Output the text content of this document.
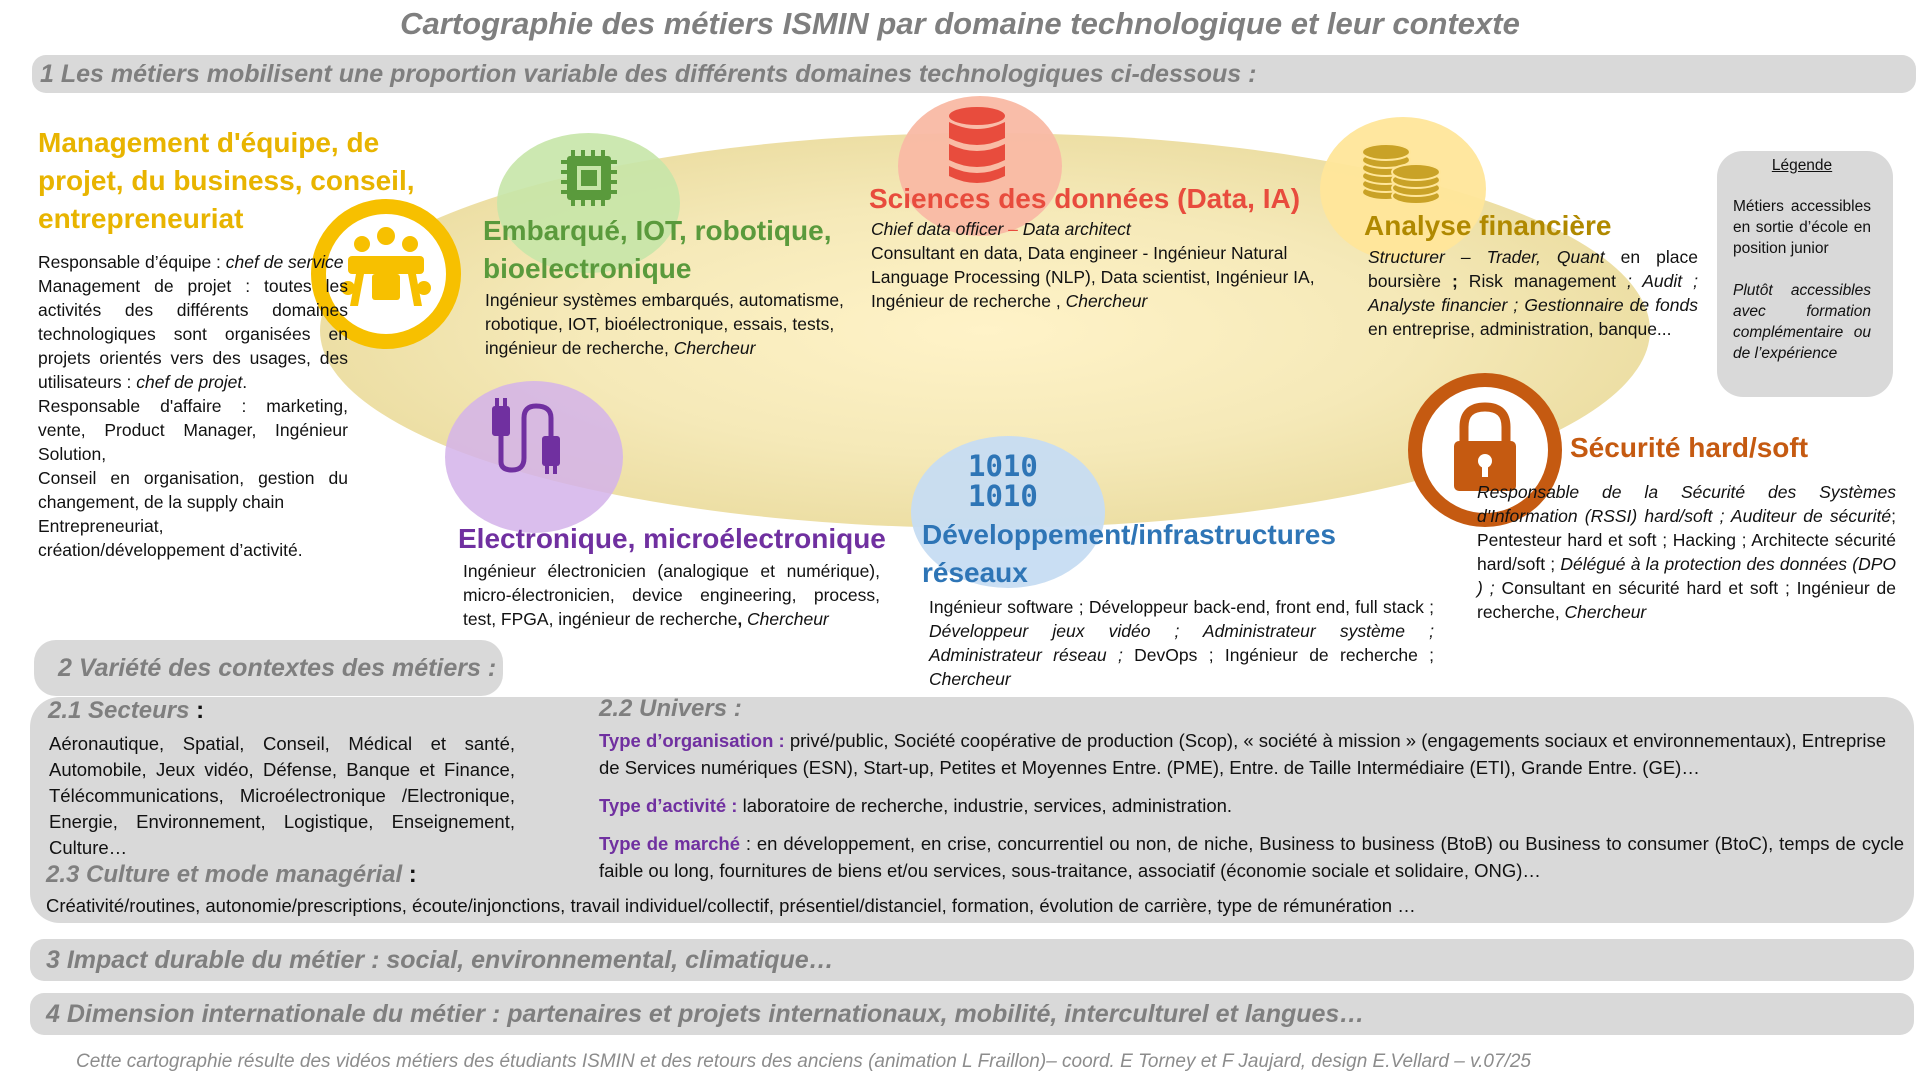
Cartographie des métiers ISMIN par domaine technologique et leur contexte
1 Les métiers mobilisent une proportion variable des différents domaines technologiques ci-dessous :
Management d'équipe, de projet, du business, conseil, entrepreneuriat
Responsable d’équipe : chef de service
Management de projet : toutes les activités des différents domaines technologiques sont organisées en projets orientés vers des usages, des utilisateurs : chef de projet.
Responsable d'affaire : marketing, vente, Product Manager, Ingénieur Solution,
Conseil en organisation, gestion du changement, de la supply chain
Entrepreneuriat,
création/développement d’activité.
Embarqué, IOT, robotique, bioelectronique
Ingénieur systèmes embarqués, automatisme, robotique, IOT, bioélectronique, essais, tests, ingénieur de recherche, Chercheur
Sciences des données (Data, IA)
Chief data officer – Data architect
Consultant en data, Data engineer - Ingénieur Natural Language Processing (NLP), Data scientist, Ingénieur IA, Ingénieur de recherche , Chercheur
Analyse financière
Structurer – Trader, Quant en place boursière ; Risk management ; Audit ; Analyste financier ; Gestionnaire de fonds en entreprise, administration, banque...
Légende
Métiers accessibles en sortie d’école en position junior
Plutôt accessibles avec formation complémentaire ou de l’expérience
Electronique, microélectronique
Ingénieur électronicien (analogique et numérique), micro-électronicien, device engineering, process, test, FPGA, ingénieur de recherche, Chercheur
1010
1010
Développement/infrastructures réseaux
Ingénieur software ; Développeur back-end, front end, full stack ; Développeur jeux vidéo ; Administrateur système ; Administrateur réseau ; DevOps ; Ingénieur de recherche ; Chercheur
Sécurité hard/soft
Responsable de la Sécurité des Systèmes d'Information (RSSI) hard/soft ; Auditeur de sécurité; Pentesteur hard et soft ; Hacking ; Architecte sécurité hard/soft ; Délégué à la protection des données (DPO ) ; Consultant en sécurité hard et soft ; Ingénieur de recherche, Chercheur
2 Variété des contextes des métiers :
2.1 Secteurs :
Aéronautique, Spatial, Conseil, Médical et santé, Automobile, Jeux vidéo, Défense, Banque et Finance, Télécommunications, Microélectronique /Electronique, Energie, Environnement, Logistique, Enseignement, Culture…
2.2 Univers :
Type d’organisation : privé/public, Société coopérative de production (Scop), « société à mission » (engagements sociaux et environnementaux), Entreprise de Services numériques (ESN), Start-up, Petites et Moyennes Entre. (PME), Entre. de Taille Intermédiaire (ETI), Grande Entre. (GE)…
Type d’activité : laboratoire de recherche, industrie, services, administration.
Type de marché : en développement, en crise, concurrentiel ou non, de niche, Business to business (BtoB) ou Business to consumer (BtoC), temps de cycle faible ou long, fournitures de biens et/ou services, sous-traitance, associatif (économie sociale et solidaire, ONG)…
2.3 Culture et mode managérial :
Créativité/routines, autonomie/prescriptions, écoute/injonctions, travail individuel/collectif, présentiel/distanciel, formation, évolution de carrière, type de rémunération …
3 Impact durable du métier : social, environnemental, climatique…
4 Dimension internationale du métier : partenaires et projets internationaux, mobilité, interculturel et langues…
Cette cartographie résulte des vidéos métiers des étudiants ISMIN et des retours des anciens (animation L Fraillon)– coord. E Torney et F Jaujard, design E.Vellard – v.07/25
